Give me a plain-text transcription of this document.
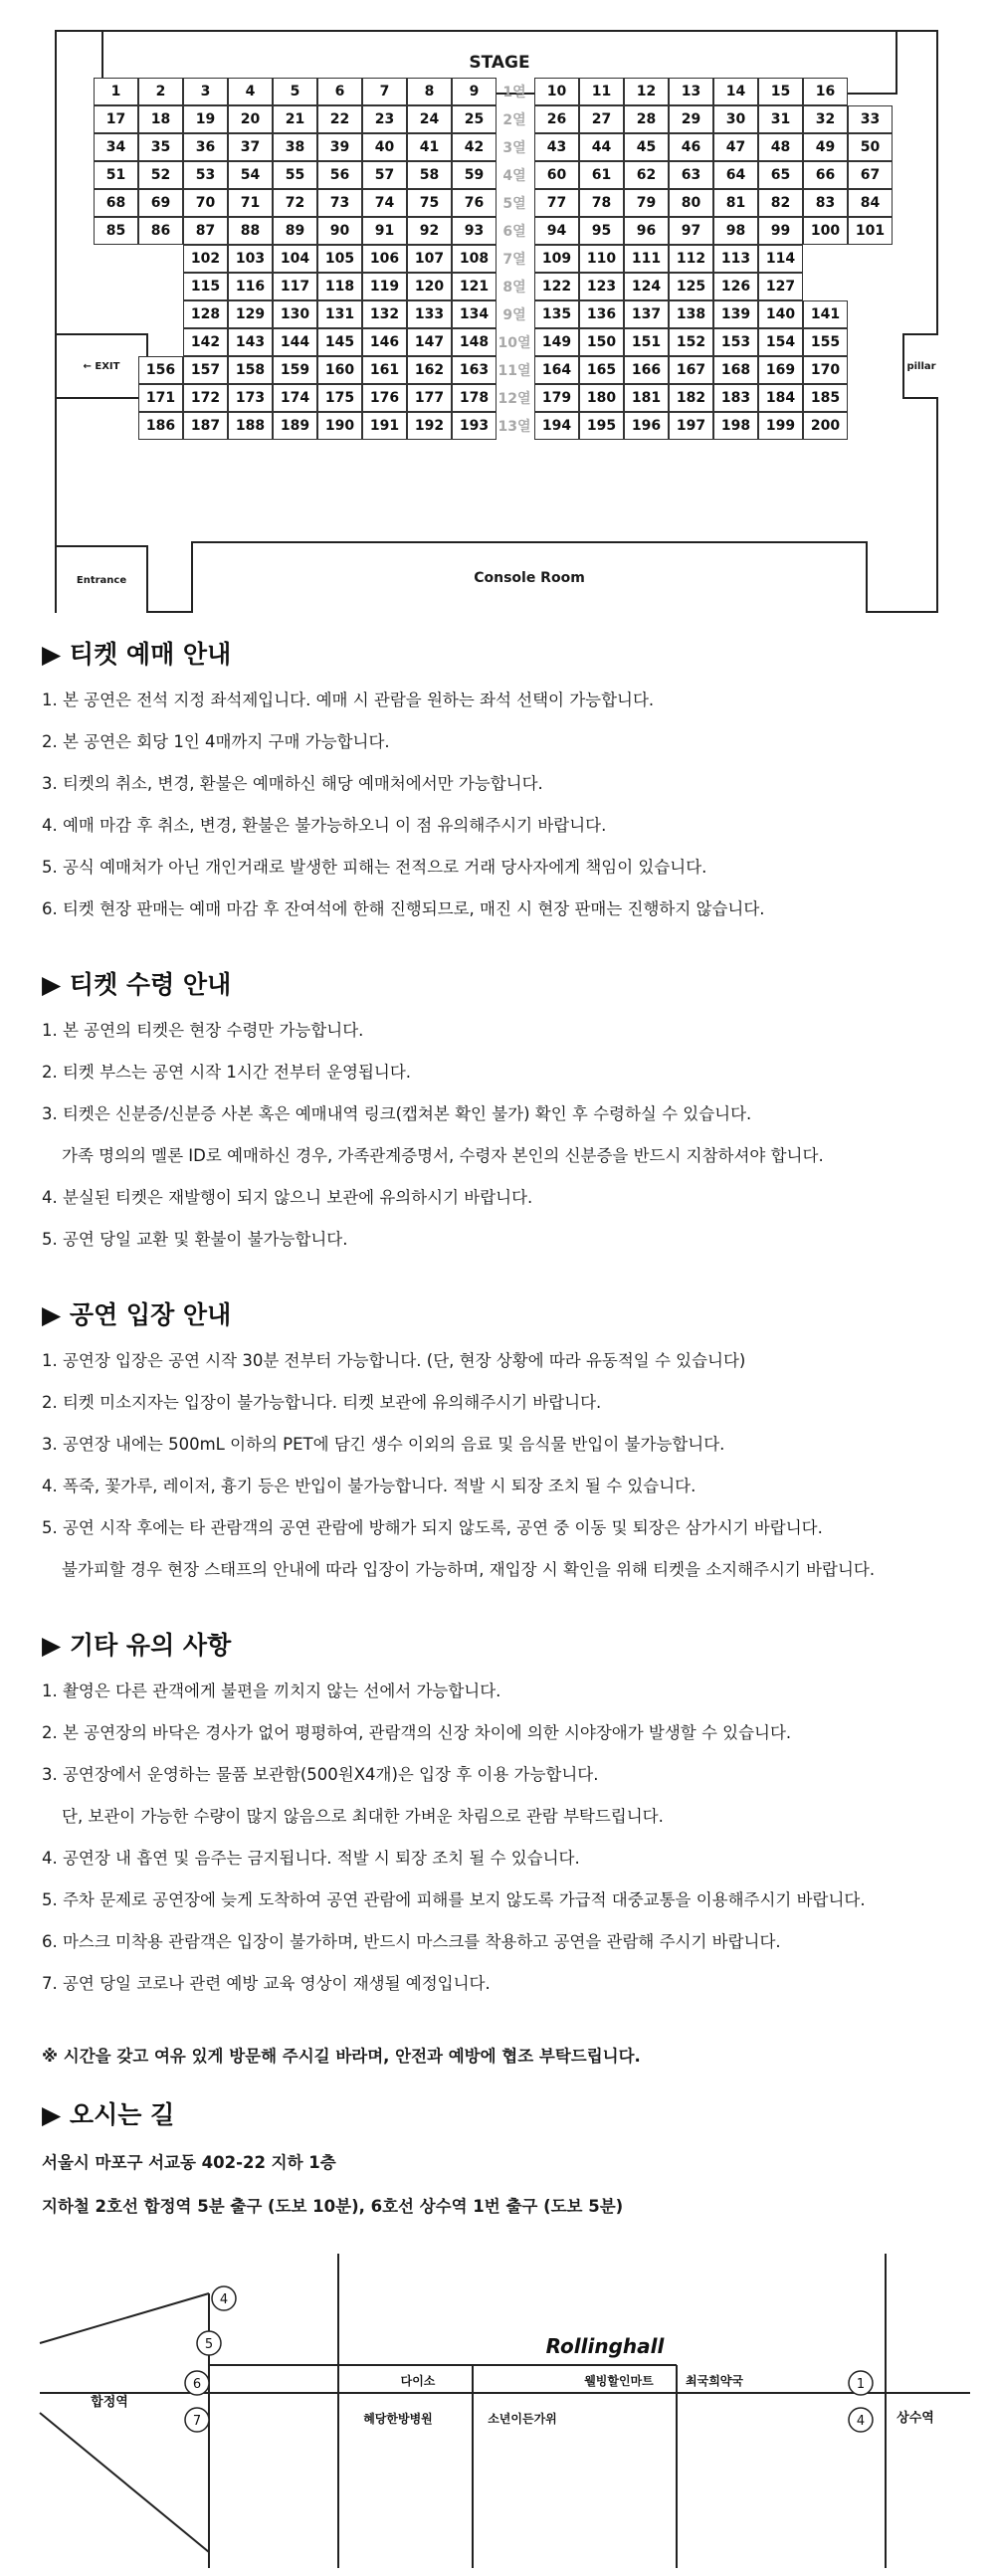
STAGE
← EXIT	pillar
Entrance	Console Room
1	2	3	4	5	6	7	8	9	1열	10	11	12	13	14	15	16
17	18	19	20	21	22	23	24	25	2열	26	27	28	29	30	31	32	33
34	35	36	37	38	39	40	41	42	3열	43	44	45	46	47	48	49	50
51	52	53	54	55	56	57	58	59	4열	60	61	62	63	64	65	66	67
68	69	70	71	72	73	74	75	76	5열	77	78	79	80	81	82	83	84
85	86	87	88	89	90	91	92	93	6열	94	95	96	97	98	99	100	101
102	103	104	105	106	107	108	7열	109	110	111	112	113	114
115	116	117	118	119	120	121	8열	122	123	124	125	126	127
128	129	130	131	132	133	134	9열	135	136	137	138	139	140	141
142	143	144	145	146	147	148 10열 149	150	151	152	153	154	155
156	157	158	159	160	161	162	163 11열 164	165	166	167	168	169	170
171	172	173	174	175	176	177	178 12열 179	180	181	182	183	184	185
186	187	188	189	190	191	192	193 13열 194	195	196	197	198	199	200
▶ 티켓 예매 안내

1. 본 공연은 전석 지정 좌석제입니다. 예매 시 관람을 원하는 좌석 선택이 가능합니다.

2. 본 공연은 회당 1인 4매까지 구매 가능합니다.

3. 티켓의 취소, 변경, 환불은 예매하신 해당 예매처에서만 가능합니다.

4. 예매 마감 후 취소, 변경, 환불은 불가능하오니 이 점 유의해주시기 바랍니다.

5. 공식 예매처가 아닌 개인거래로 발생한 피해는 전적으로 거래 당사자에게 책임이 있습니다.

6. 티켓 현장 판매는 예매 마감 후 잔여석에 한해 진행되므로, 매진 시 현장 판매는 진행하지 않습니다.

▶ 티켓 수령 안내

1. 본 공연의 티켓은 현장 수령만 가능합니다.

2. 티켓 부스는 공연 시작 1시간 전부터 운영됩니다.

3. 티켓은 신분증/신분증 사본 혹은 예매내역 링크(캡쳐본 확인 불가) 확인 후 수령하실 수 있습니다.

가족 명의의 멜론 ID로 예매하신 경우, 가족관계증명서, 수령자 본인의 신분증을 반드시 지참하셔야 합니다.

4. 분실된 티켓은 재발행이 되지 않으니 보관에 유의하시기 바랍니다.

5. 공연 당일 교환 및 환불이 불가능합니다.

▶ 공연 입장 안내

1. 공연장 입장은 공연 시작 30분 전부터 가능합니다. (단, 현장 상황에 따라 유동적일 수 있습니다)

2. 티켓 미소지자는 입장이 불가능합니다. 티켓 보관에 유의해주시기 바랍니다.

3. 공연장 내에는 500mL 이하의 PET에 담긴 생수 이외의 음료 및 음식물 반입이 불가능합니다.

4. 폭죽, 꽃가루, 레이저, 흉기 등은 반입이 불가능합니다. 적발 시 퇴장 조치 될 수 있습니다.

5. 공연 시작 후에는 타 관람객의 공연 관람에 방해가 되지 않도록, 공연 중 이동 및 퇴장은 삼가시기 바랍니다.

불가피할 경우 현장 스태프의 안내에 따라 입장이 가능하며, 재입장 시 확인을 위해 티켓을 소지해주시기 바랍니다.

▶ 기타 유의 사항

1. 촬영은 다른 관객에게 불편을 끼치지 않는 선에서 가능합니다.

2. 본 공연장의 바닥은 경사가 없어 평평하여, 관람객의 신장 차이에 의한 시야장애가 발생할 수 있습니다.

3. 공연장에서 운영하는 물품 보관함(500원X4개)은 입장 후 이용 가능합니다.

단, 보관이 가능한 수량이 많지 않음으로 최대한 가벼운 차림으로 관람 부탁드립니다.

4. 공연장 내 흡연 및 음주는 금지됩니다. 적발 시 퇴장 조치 될 수 있습니다.

5. 주차 문제로 공연장에 늦게 도착하여 공연 관람에 피해를 보지 않도록 가급적 대중교통을 이용해주시기 바랍니다.

6. 마스크 미착용 관람객은 입장이 불가하며, 반드시 마스크를 착용하고 공연을 관람해 주시기 바랍니다.

7. 공연 당일 코로나 관련 예방 교육 영상이 재생될 예정입니다.

※ 시간을 갖고 여유 있게 방문해 주시길 바라며, 안전과 예방에 협조 부탁드립니다.

▶ 오시는 길

서울시 마포구 서교동 402-22 지하 1층

지하철 2호선 합정역 5분 출구 (도보 10분), 6호선 상수역 1번 출구 (도보 5분)

4
5
6
7
1
4
Rollinghall
합정역
상수역
다이소
혜당한방병원	소년이든가위
웰빙할인마트	최국희약국
